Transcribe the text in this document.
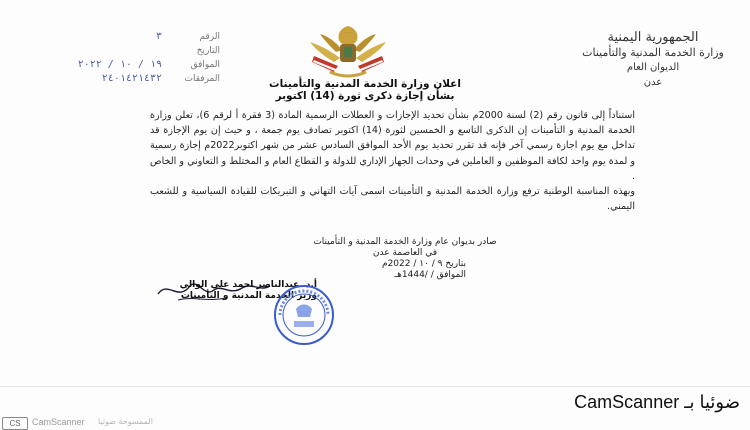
الجمهورية اليمنية
وزارة الخدمة المدنية والتأمينات
الديوان العام
عدن
الرقم
٣
التاريخ
الموافق
١٩ / ١٠ / ٢٠٢٢
المرفقات
٢٤٠١٤٢١٤٣٢
· · ·
اعلان وزارة الخدمة المدنية والتأمينات
بشأن إجازة ذكرى ثورة (14) اكتوبر

استناداً إلى قانون رقم (2) لسنة 2000م بشأن تحديد الإجازات و العطلات الرسمية المادة (3 فقرة أ لرقم 6)، تعلن وزارة الخدمة المدنية و التأمينات إن الذكرى التاسع و الخمسين لثورة (14) اكتوبر تصادف يوم جمعة ، و حيث إن يوم الإجازة قد تداخل مع يوم اجازة رسمي آخر فإنه قد تقرر تحديد يوم الأحد الموافق السادس عشر من شهر اكتوبر2022م إجازة رسمية و لمدة يوم واحد لكافة الموظفين و العاملين في وحدات الجهاز الإداري للدولة و القطاع العام و المختلط و التعاوني و الخاص .

وبهذه المناسبة الوطنية ترفع وزارة الخدمة المدنية و التأمينات اسمى آيات التهاني و التبريكات للقيادة السياسية و للشعب اليمني.

صادر بديوان عام وزارة الخدمة المدنية و التأمينات
في العاصمة عدن
بتاريخ ٩ / ١٠ / 2022م
الموافق / /1444هـ
أ.د. عبدالناصر احمد علي الوالي
وزير الخدمة المدنية و التأمينات
CS	CamScanner الممسوحة ضوئيا
ضوئيا بـ CamScanner
